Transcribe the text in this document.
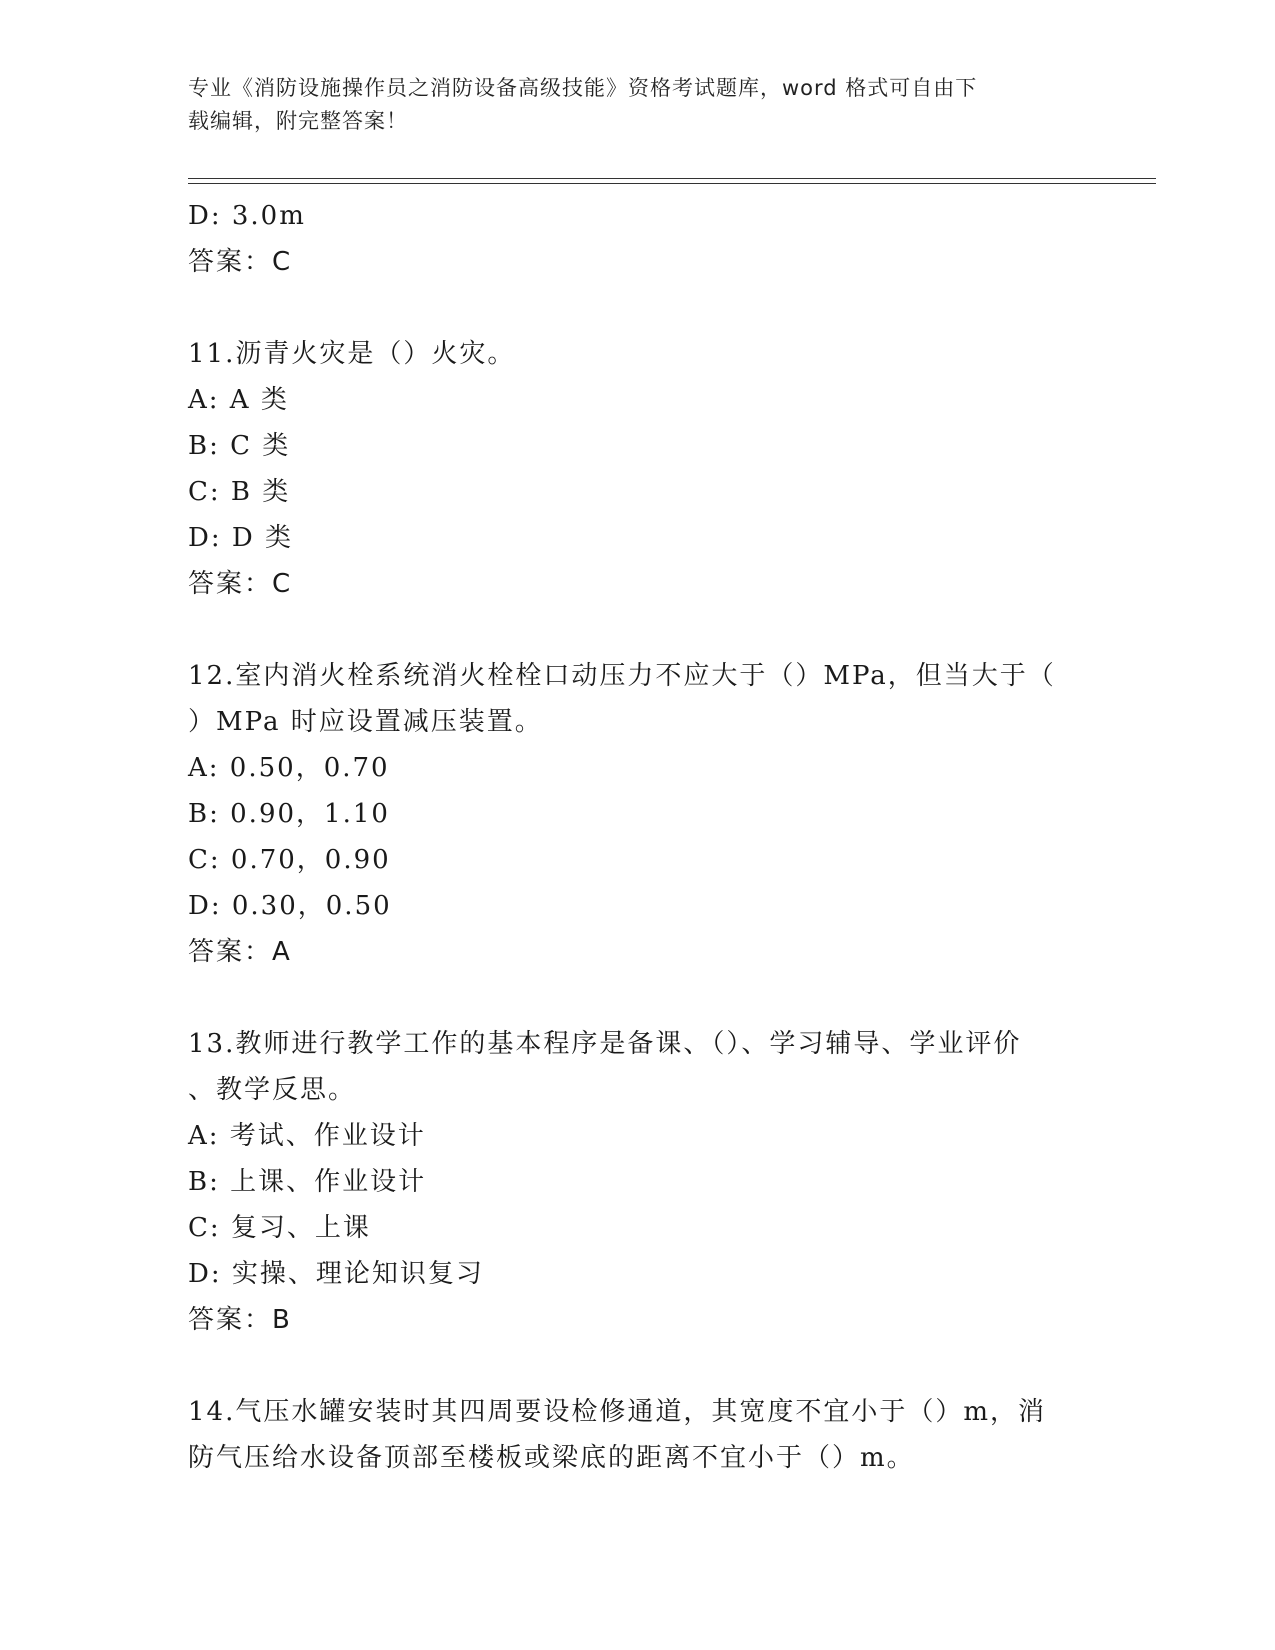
专业《消防设施操作员之消防设备高级技能》资格考试题库，word 格式可自由下
载编辑，附完整答案！
D: 3.0m
答案：C
11.沥青火灾是（）火灾。
A: A 类
B: C 类
C: B 类
D: D 类
答案：C
12.室内消火栓系统消火栓栓口动压力不应大于（）MPa，但当大于（
）MPa 时应设置减压装置。
A: 0.50，0.70
B: 0.90，1.10
C: 0.70，0.90
D: 0.30，0.50
答案：A
13.教师进行教学工作的基本程序是备课、（）、学习辅导、学业评价
、教学反思。
A: 考试、作业设计
B: 上课、作业设计
C: 复习、上课
D: 实操、理论知识复习
答案：B
14.气压水罐安装时其四周要设检修通道，其宽度不宜小于（）m，消
防气压给水设备顶部至楼板或梁底的距离不宜小于（）m。
